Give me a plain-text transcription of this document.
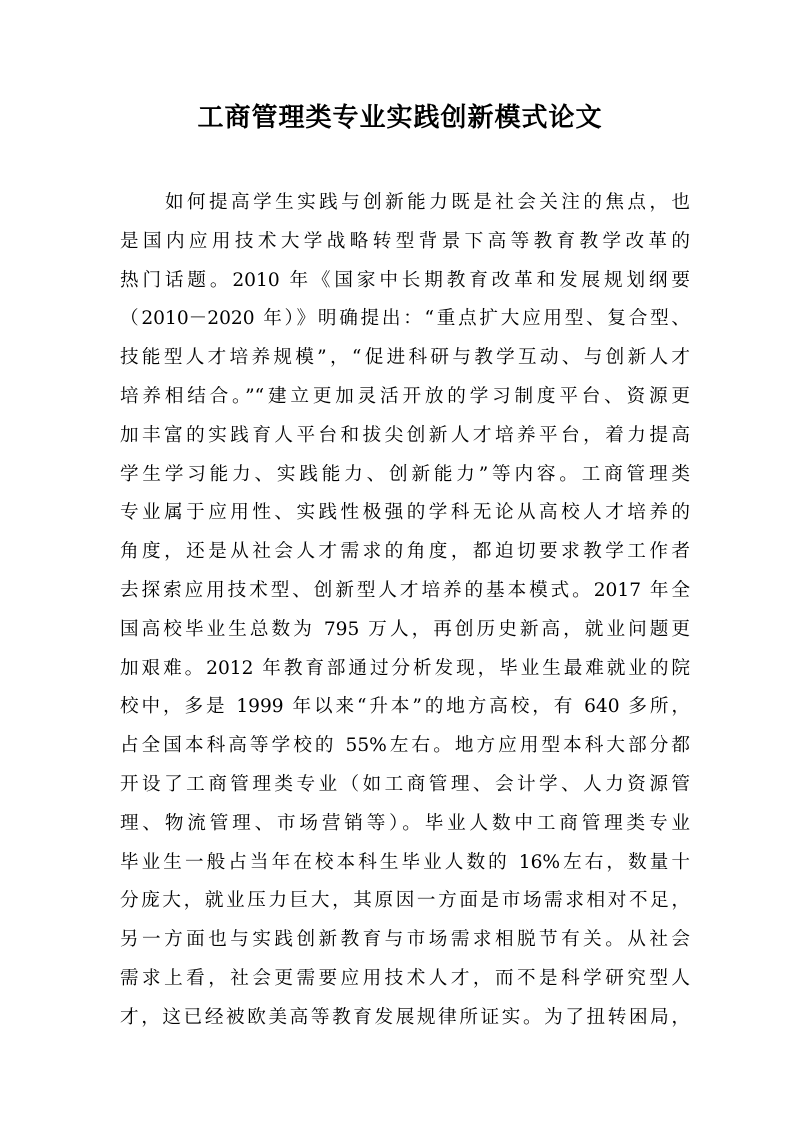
工商管理类专业实践创新模式论文
如何提高学生实践与创新能力既是社会关注的焦点，也
是国内应用技术大学战略转型背景下高等教育教学改革的
热门话题。2010 年《国家中长期教育改革和发展规划纲要
（2010－2020 年）》明确提出：“重点扩大应用型、复合型、
技能型人才培养规模”，“促进科研与教学互动、与创新人才
培养相结合。”“建立更加灵活开放的学习制度平台、资源更
加丰富的实践育人平台和拔尖创新人才培养平台，着力提高
学生学习能力、实践能力、创新能力”等内容。工商管理类
专业属于应用性、实践性极强的学科无论从高校人才培养的
角度，还是从社会人才需求的角度，都迫切要求教学工作者
去探索应用技术型、创新型人才培养的基本模式。2017 年全
国高校毕业生总数为 795 万人，再创历史新高，就业问题更
加艰难。2012 年教育部通过分析发现，毕业生最难就业的院
校中，多是 1999 年以来“升本”的地方高校，有 640 多所，
占全国本科高等学校的 55%左右。地方应用型本科大部分都
开设了工商管理类专业（如工商管理、会计学、人力资源管
理、物流管理、市场营销等）。毕业人数中工商管理类专业
毕业生一般占当年在校本科生毕业人数的 16%左右，数量十
分庞大，就业压力巨大，其原因一方面是市场需求相对不足，
另一方面也与实践创新教育与市场需求相脱节有关。从社会
需求上看，社会更需要应用技术人才，而不是科学研究型人
才，这已经被欧美高等教育发展规律所证实。为了扭转困局，
